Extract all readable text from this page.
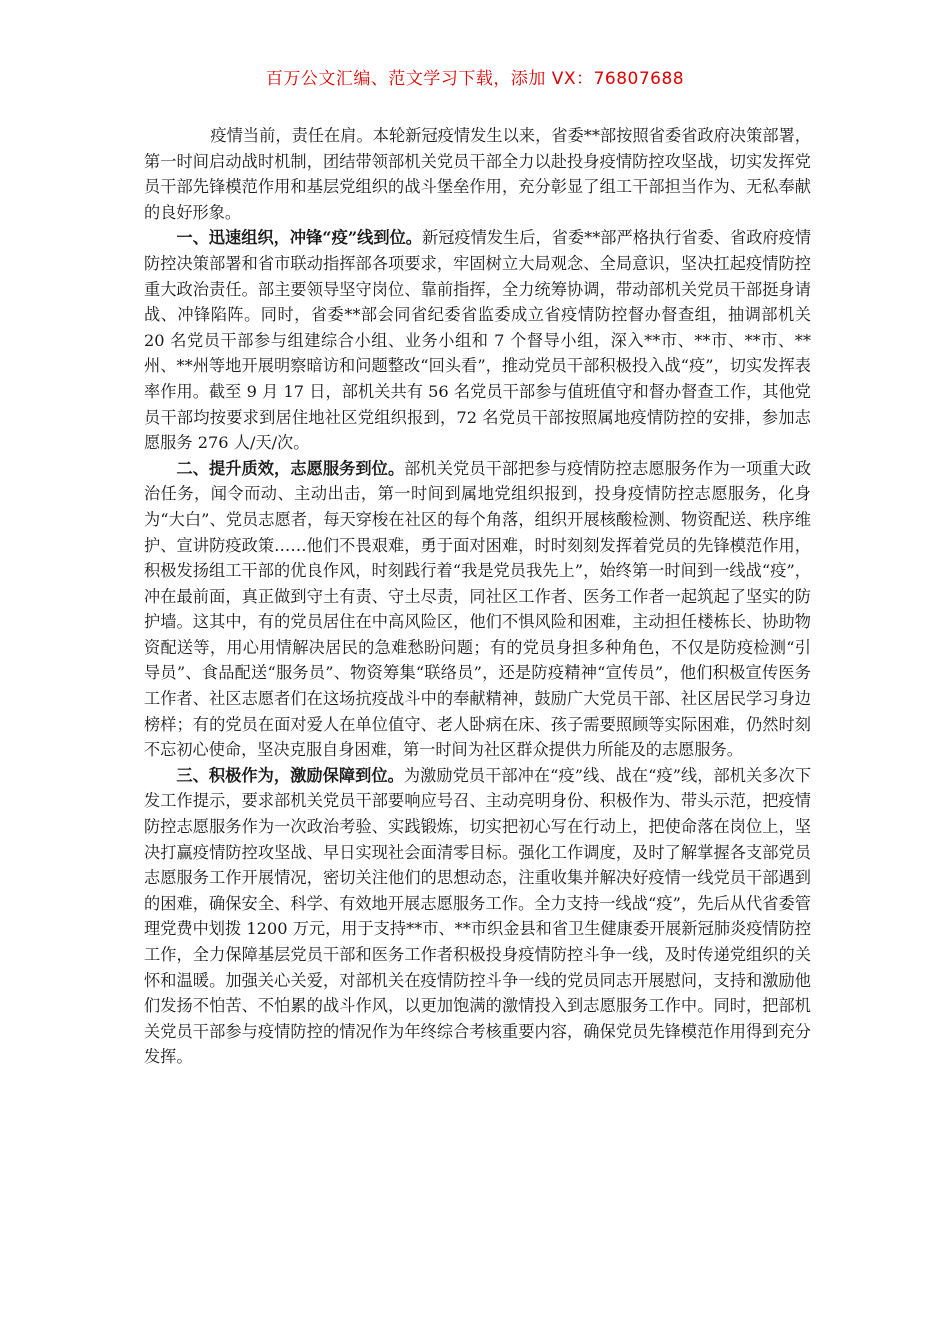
百万公文汇编、范文学习下载，添加 VX：76807688

疫情当前，责任在肩。本轮新冠疫情发生以来，省委**部按照省委省政府决策部署，第一时间启动战时机制，团结带领部机关党员干部全力以赴投身疫情防控攻坚战，切实发挥党员干部先锋模范作用和基层党组织的战斗堡垒作用，充分彰显了组工干部担当作为、无私奉献的良好形象。

一、迅速组织，冲锋“疫”线到位。新冠疫情发生后，省委**部严格执行省委、省政府疫情防控决策部署和省市联动指挥部各项要求，牢固树立大局观念、全局意识，坚决扛起疫情防控重大政治责任。部主要领导坚守岗位、靠前指挥，全力统筹协调，带动部机关党员干部挺身请战、冲锋陷阵。同时，省委**部会同省纪委省监委成立省疫情防控督办督查组，抽调部机关 20 名党员干部参与组建综合小组、业务小组和 7 个督导小组，深入**市、**市、**市、**州、**州等地开展明察暗访和问题整改“回头看”，推动党员干部积极投入战“疫”，切实发挥表率作用。截至 9 月 17 日，部机关共有 56 名党员干部参与值班值守和督办督查工作，其他党员干部均按要求到居住地社区党组织报到，72 名党员干部按照属地疫情防控的安排，参加志愿服务 276 人/天/次。

二、提升质效，志愿服务到位。部机关党员干部把参与疫情防控志愿服务作为一项重大政治任务，闻令而动、主动出击，第一时间到属地党组织报到，投身疫情防控志愿服务，化身为“大白”、党员志愿者，每天穿梭在社区的每个角落，组织开展核酸检测、物资配送、秩序维护、宣讲防疫政策……他们不畏艰难，勇于面对困难，时时刻刻发挥着党员的先锋模范作用，积极发扬组工干部的优良作风，时刻践行着“我是党员我先上”，始终第一时间到一线战“疫”，冲在最前面，真正做到守土有责、守土尽责，同社区工作者、医务工作者一起筑起了坚实的防护墙。这其中，有的党员居住在中高风险区，他们不惧风险和困难，主动担任楼栋长、协助物资配送等，用心用情解决居民的急难愁盼问题；有的党员身担多种角色，不仅是防疫检测“引导员”、食品配送“服务员”、物资筹集“联络员”，还是防疫精神“宣传员”，他们积极宣传医务工作者、社区志愿者们在这场抗疫战斗中的奉献精神，鼓励广大党员干部、社区居民学习身边榜样；有的党员在面对爱人在单位值守、老人卧病在床、孩子需要照顾等实际困难，仍然时刻不忘初心使命，坚决克服自身困难，第一时间为社区群众提供力所能及的志愿服务。

三、积极作为，激励保障到位。为激励党员干部冲在“疫”线、战在“疫”线，部机关多次下发工作提示，要求部机关党员干部要响应号召、主动亮明身份、积极作为、带头示范，把疫情防控志愿服务作为一次政治考验、实践锻炼，切实把初心写在行动上，把使命落在岗位上，坚决打赢疫情防控攻坚战、早日实现社会面清零目标。强化工作调度，及时了解掌握各支部党员志愿服务工作开展情况，密切关注他们的思想动态，注重收集并解决好疫情一线党员干部遇到的困难，确保安全、科学、有效地开展志愿服务工作。全力支持一线战“疫”，先后从代省委管理党费中划拨 1200 万元，用于支持**市、**市织金县和省卫生健康委开展新冠肺炎疫情防控工作，全力保障基层党员干部和医务工作者积极投身疫情防控斗争一线，及时传递党组织的关怀和温暖。加强关心关爱，对部机关在疫情防控斗争一线的党员同志开展慰问，支持和激励他们发扬不怕苦、不怕累的战斗作风，以更加饱满的激情投入到志愿服务工作中。同时，把部机关党员干部参与疫情防控的情况作为年终综合考核重要内容，确保党员先锋模范作用得到充分发挥。
